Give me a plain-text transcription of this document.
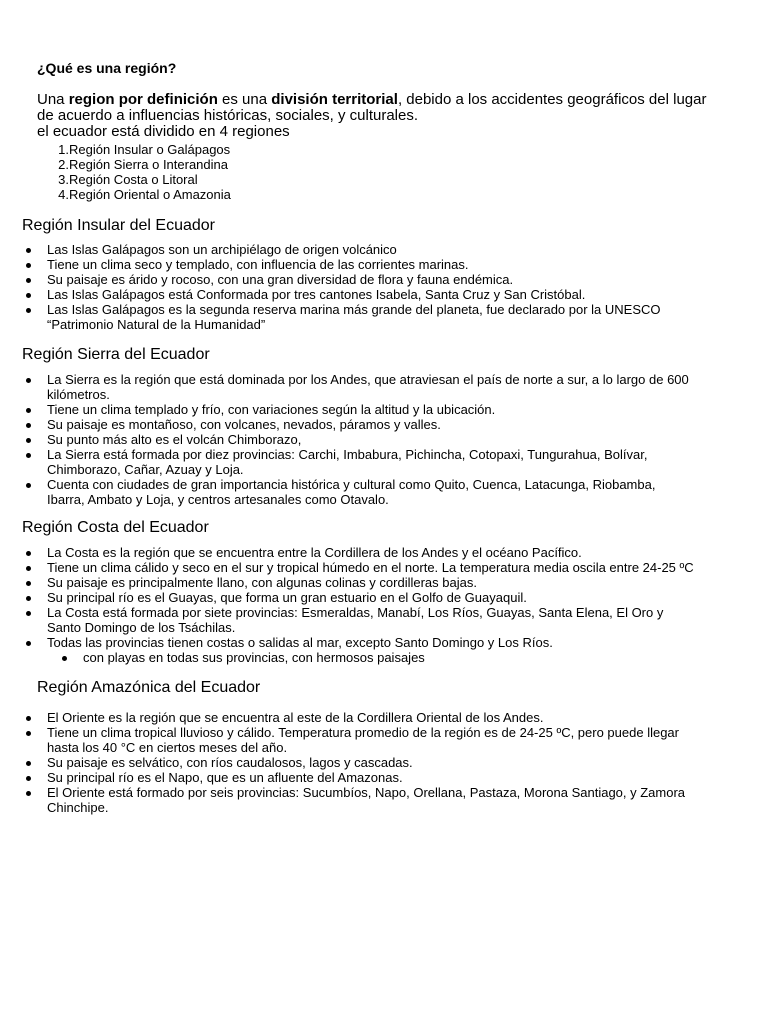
¿Qué es una región?
Una region por definición es una división territorial, debido a los accidentes geográficos del lugar
de acuerdo a influencias históricas, sociales, y culturales.
el ecuador está dividido en 4 regiones
1. Región Insular o Galápagos
2. Región Sierra o Interandina
3. Región Costa o Litoral
4. Región Oriental o Amazonia
Región Insular del Ecuador
Las Islas Galápagos son un archipiélago de origen volcánico
Tiene un clima seco y templado, con influencia de las corrientes marinas.
Su paisaje es árido y rocoso, con una gran diversidad de flora y fauna endémica.
Las Islas Galápagos está Conformada por tres cantones Isabela, Santa Cruz y San Cristóbal.
Las Islas Galápagos es la segunda reserva marina más grande del planeta, fue declarado por la UNESCO
“Patrimonio Natural de la Humanidad”
Región Sierra del Ecuador
La Sierra es la región que está dominada por los Andes, que atraviesan el país de norte a sur, a lo largo de 600
kilómetros.
Tiene un clima templado y frío, con variaciones según la altitud y la ubicación.
Su paisaje es montañoso, con volcanes, nevados, páramos y valles.
Su punto más alto es el volcán Chimborazo,
La Sierra está formada por diez provincias: Carchi, Imbabura, Pichincha, Cotopaxi, Tungurahua, Bolívar,
Chimborazo, Cañar, Azuay y Loja.
Cuenta con ciudades de gran importancia histórica y cultural como Quito, Cuenca, Latacunga, Riobamba,
Ibarra, Ambato y Loja, y centros artesanales como Otavalo.
Región Costa del Ecuador
La Costa es la región que se encuentra entre la Cordillera de los Andes y el océano Pacífico.
Tiene un clima cálido y seco en el sur y tropical húmedo en el norte. La temperatura media oscila entre 24-25 ºC
Su paisaje es principalmente llano, con algunas colinas y cordilleras bajas.
Su principal río es el Guayas, que forma un gran estuario en el Golfo de Guayaquil.
La Costa está formada por siete provincias: Esmeraldas, Manabí, Los Ríos, Guayas, Santa Elena, El Oro y
Santo Domingo de los Tsáchilas.
Todas las provincias tienen costas o salidas al mar, excepto Santo Domingo y Los Ríos.
con playas en todas sus provincias, con hermosos paisajes
Región Amazónica del Ecuador
El Oriente es la región que se encuentra al este de la Cordillera Oriental de los Andes.
Tiene un clima tropical lluvioso y cálido. Temperatura promedio de la región es de 24-25 ºC, pero puede llegar
hasta los 40 °C en ciertos meses del año.
Su paisaje es selvático, con ríos caudalosos, lagos y cascadas.
Su principal río es el Napo, que es un afluente del Amazonas.
El Oriente está formado por seis provincias: Sucumbíos, Napo, Orellana, Pastaza, Morona Santiago, y Zamora
Chinchipe.
